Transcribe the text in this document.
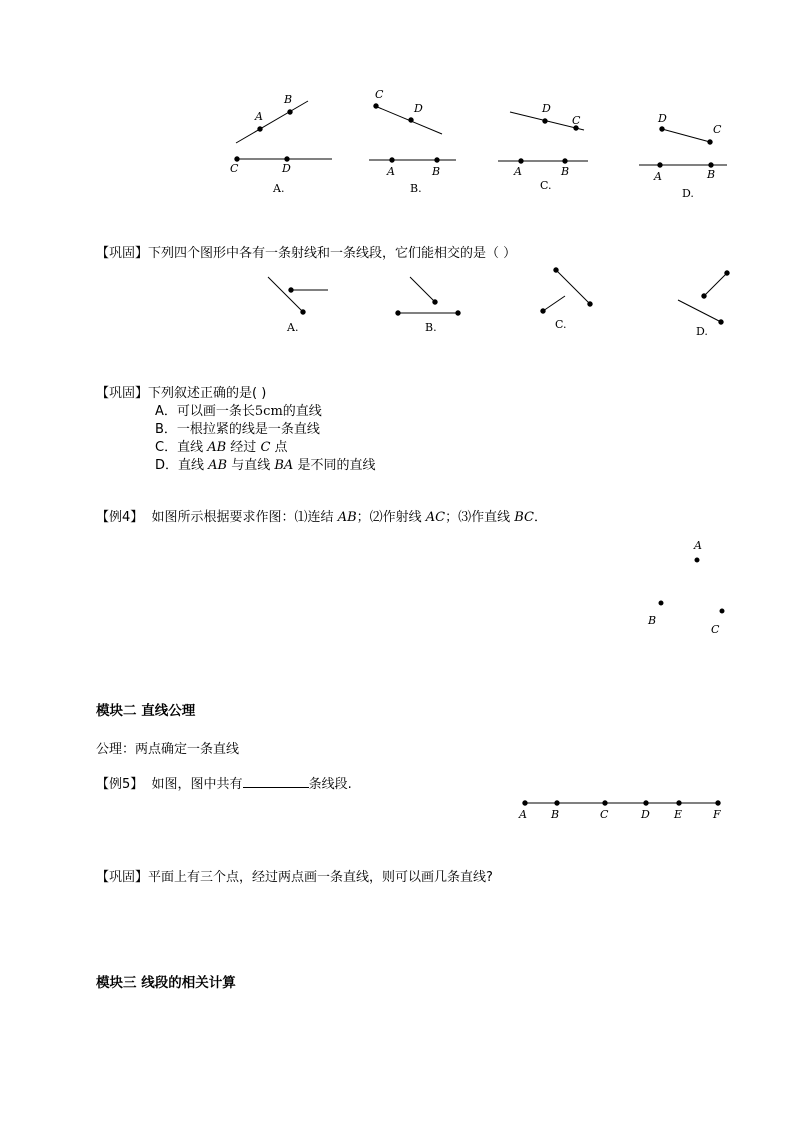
A
B
C	D
A.
C
D
A	B
B.
D
C
A	B
C.
D
C
A	B
D.
A.	B.	C.
D.
A
B
C
A B	C	D E	F
【巩固】下列四个图形中各有一条射线和一条线段，它们能相交的是（ ）
【巩固】下列叙述正确的是( )
A．可以画一条长5cm的直线
B．一根拉紧的线是一条直线
C．直线 AB 经过 C 点
D．直线 AB 与直线 BA 是不同的直线
【例4】 如图所示根据要求作图：⑴连结 AB；⑵作射线 AC；⑶作直线 BC．
模块二 直线公理
公理：两点确定一条直线
【例5】 如图，图中共有	条线段.
【巩固】平面上有三个点，经过两点画一条直线，则可以画几条直线?
模块三 线段的相关计算
